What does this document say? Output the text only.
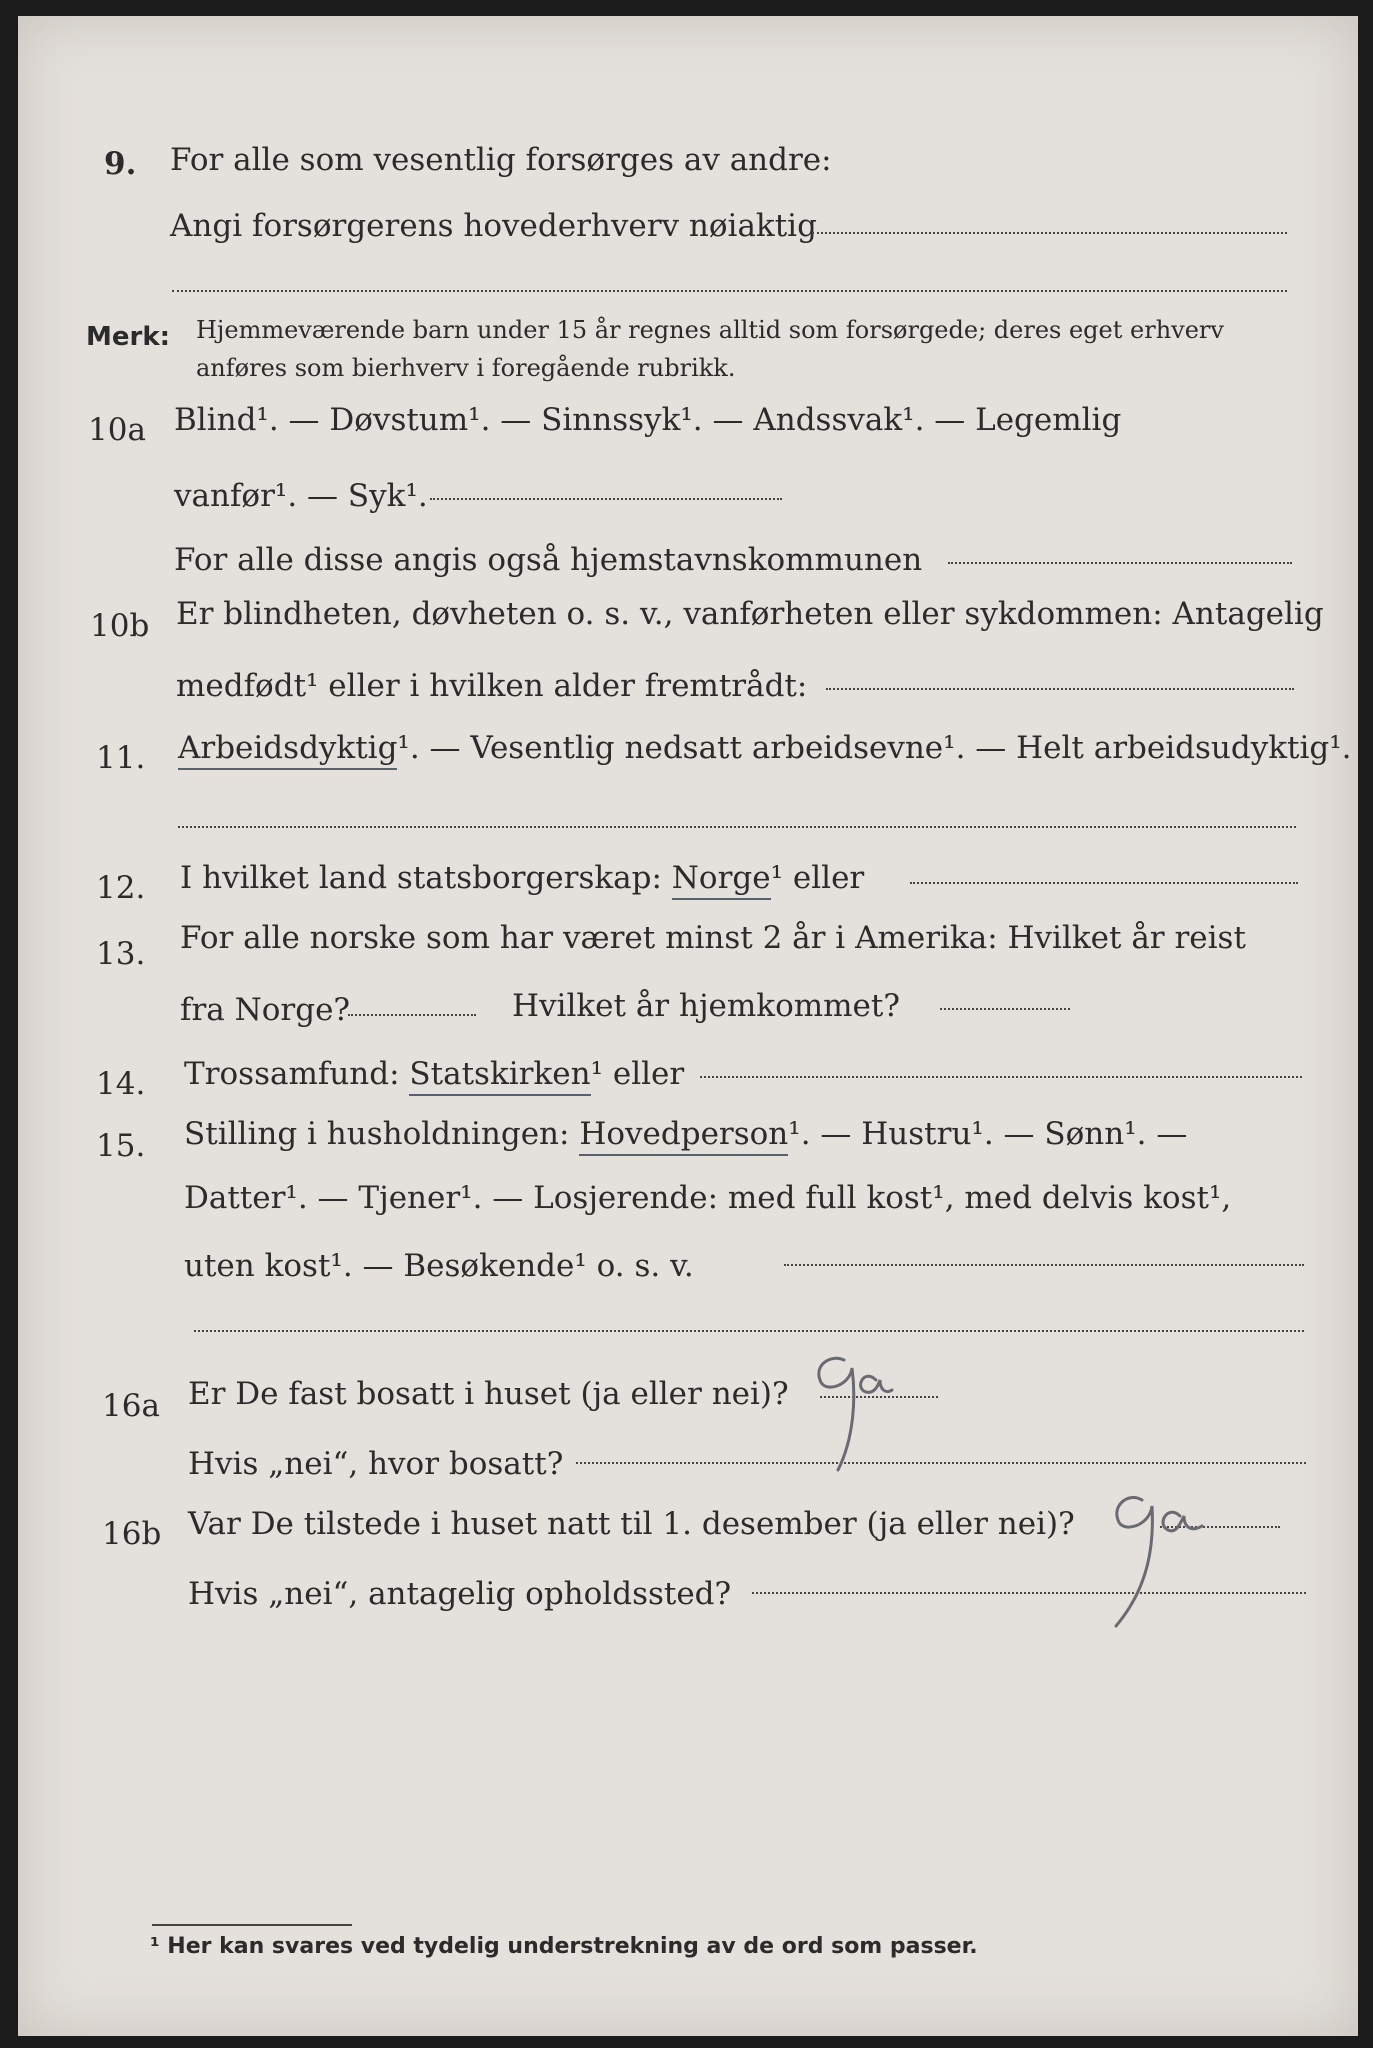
9. For alle som vesentlig forsørges av andre:
Angi forsørgerens hovederhverv nøiaktig
Merk: Hjemmeværende barn under 15 år regnes alltid som forsørgede; deres eget erhverv
anføres som bierhverv i foregående rubrikk.
10a Blind¹. — Døvstum¹. — Sinnssyk¹. — Andssvak¹. — Legemlig
vanfør¹. — Syk¹.
For alle disse angis også hjemstavnskommunen
10b Er blindheten, døvheten o. s. v., vanførheten eller sykdommen: Antagelig
medfødt¹ eller i hvilken alder fremtrådt:
11. Arbeidsdyktig¹. — Vesentlig nedsatt arbeidsevne¹. — Helt arbeidsudyktig¹.
12. I hvilket land statsborgerskap: Norge¹ eller
13. For alle norske som har været minst 2 år i Amerika: Hvilket år reist
fra Norge?	Hvilket år hjemkommet?
14. Trossamfund: Statskirken¹ eller
15. Stilling i husholdningen: Hovedperson¹. — Hustru¹. — Sønn¹. —
Datter¹. — Tjener¹. — Losjerende: med full kost¹, med delvis kost¹,
uten kost¹. — Besøkende¹ o. s. v.
16a Er De fast bosatt i huset (ja eller nei)?
Hvis „nei“, hvor bosatt?
Ja
16b Var De tilstede i huset natt til 1. desember (ja eller nei)?
Hvis „nei“, antagelig opholdssted?
Ja
¹ Her kan svares ved tydelig understrekning av de ord som passer.
